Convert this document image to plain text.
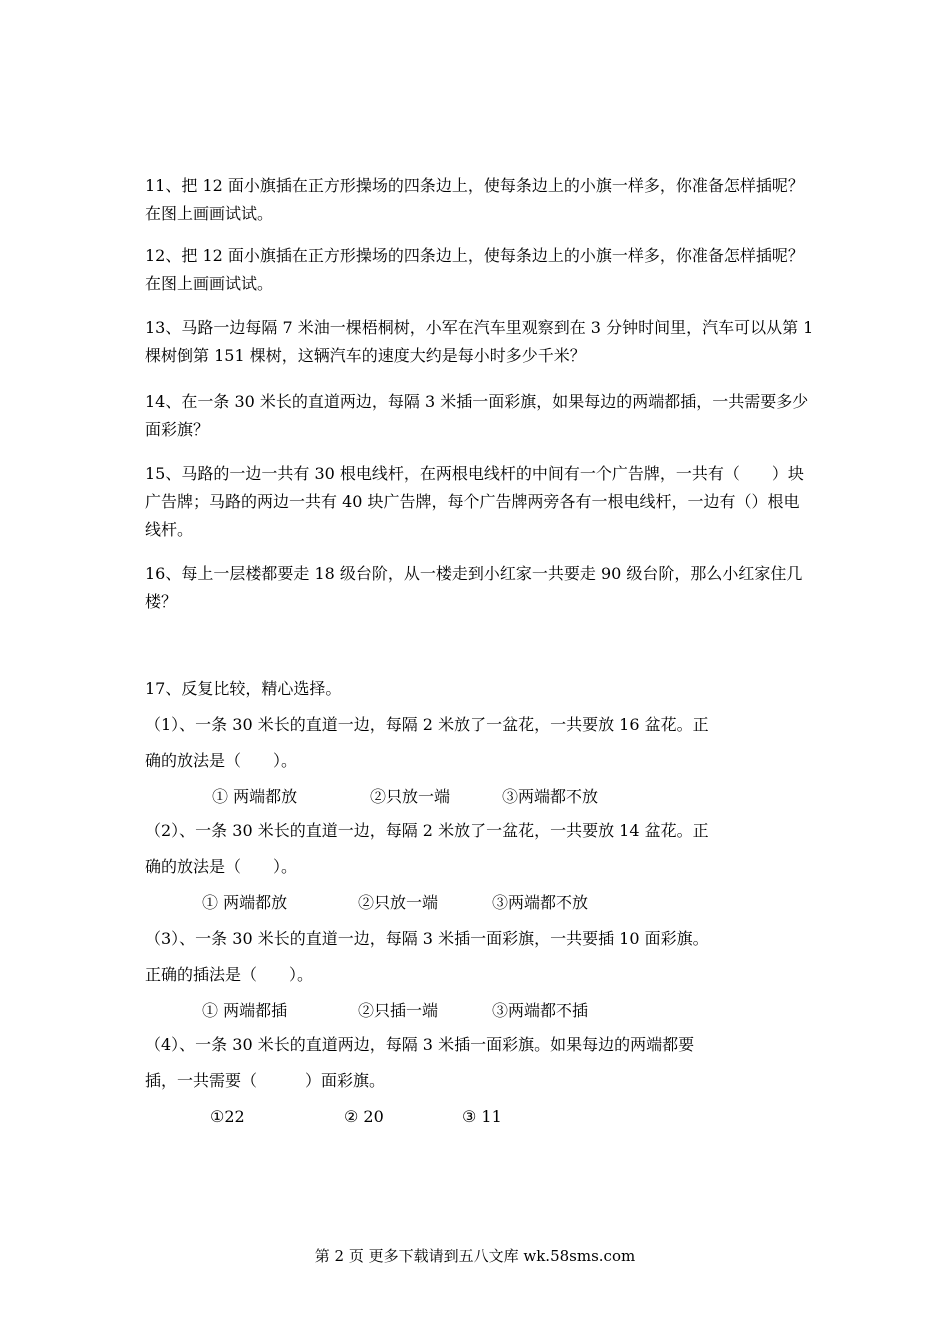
11、把 12 面小旗插在正方形操场的四条边上，使每条边上的小旗一样多，你准备怎样插呢？在图上画画试试。
12、把 12 面小旗插在正方形操场的四条边上，使每条边上的小旗一样多，你准备怎样插呢？在图上画画试试。
13、马路一边每隔 7 米油一棵梧桐树，小军在汽车里观察到在 3 分钟时间里，汽车可以从第 1 棵树倒第 151 棵树，这辆汽车的速度大约是每小时多少千米？
14、在一条 30 米长的直道两边，每隔 3 米插一面彩旗，如果每边的两端都插，一共需要多少面彩旗？
15、马路的一边一共有 30 根电线杆，在两根电线杆的中间有一个广告牌，一共有（　　）块广告牌；马路的两边一共有 40 块广告牌，每个广告牌两旁各有一根电线杆，一边有（）根电线杆。
16、每上一层楼都要走 18 级台阶，从一楼走到小红家一共要走 90 级台阶，那么小红家住几楼？
17、反复比较，精心选择。
（1）、一条 30 米长的直道一边，每隔 2 米放了一盆花，一共要放 16 盆花。正
确的放法是（　　）。
① 两端都放	②只放一端	③两端都不放
（2）、一条 30 米长的直道一边，每隔 2 米放了一盆花，一共要放 14 盆花。正
确的放法是（　　）。
① 两端都放	②只放一端	③两端都不放
（3）、一条 30 米长的直道一边，每隔 3 米插一面彩旗，一共要插 10 面彩旗。
正确的插法是（　　）。
① 两端都插	②只插一端	③两端都不插
（4）、一条 30 米长的直道两边，每隔 3 米插一面彩旗。如果每边的两端都要
插，一共需要（　　　）面彩旗。
①22	② 20	③ 11
第 2 页 更多下载请到五八文库 wk.58sms.com
